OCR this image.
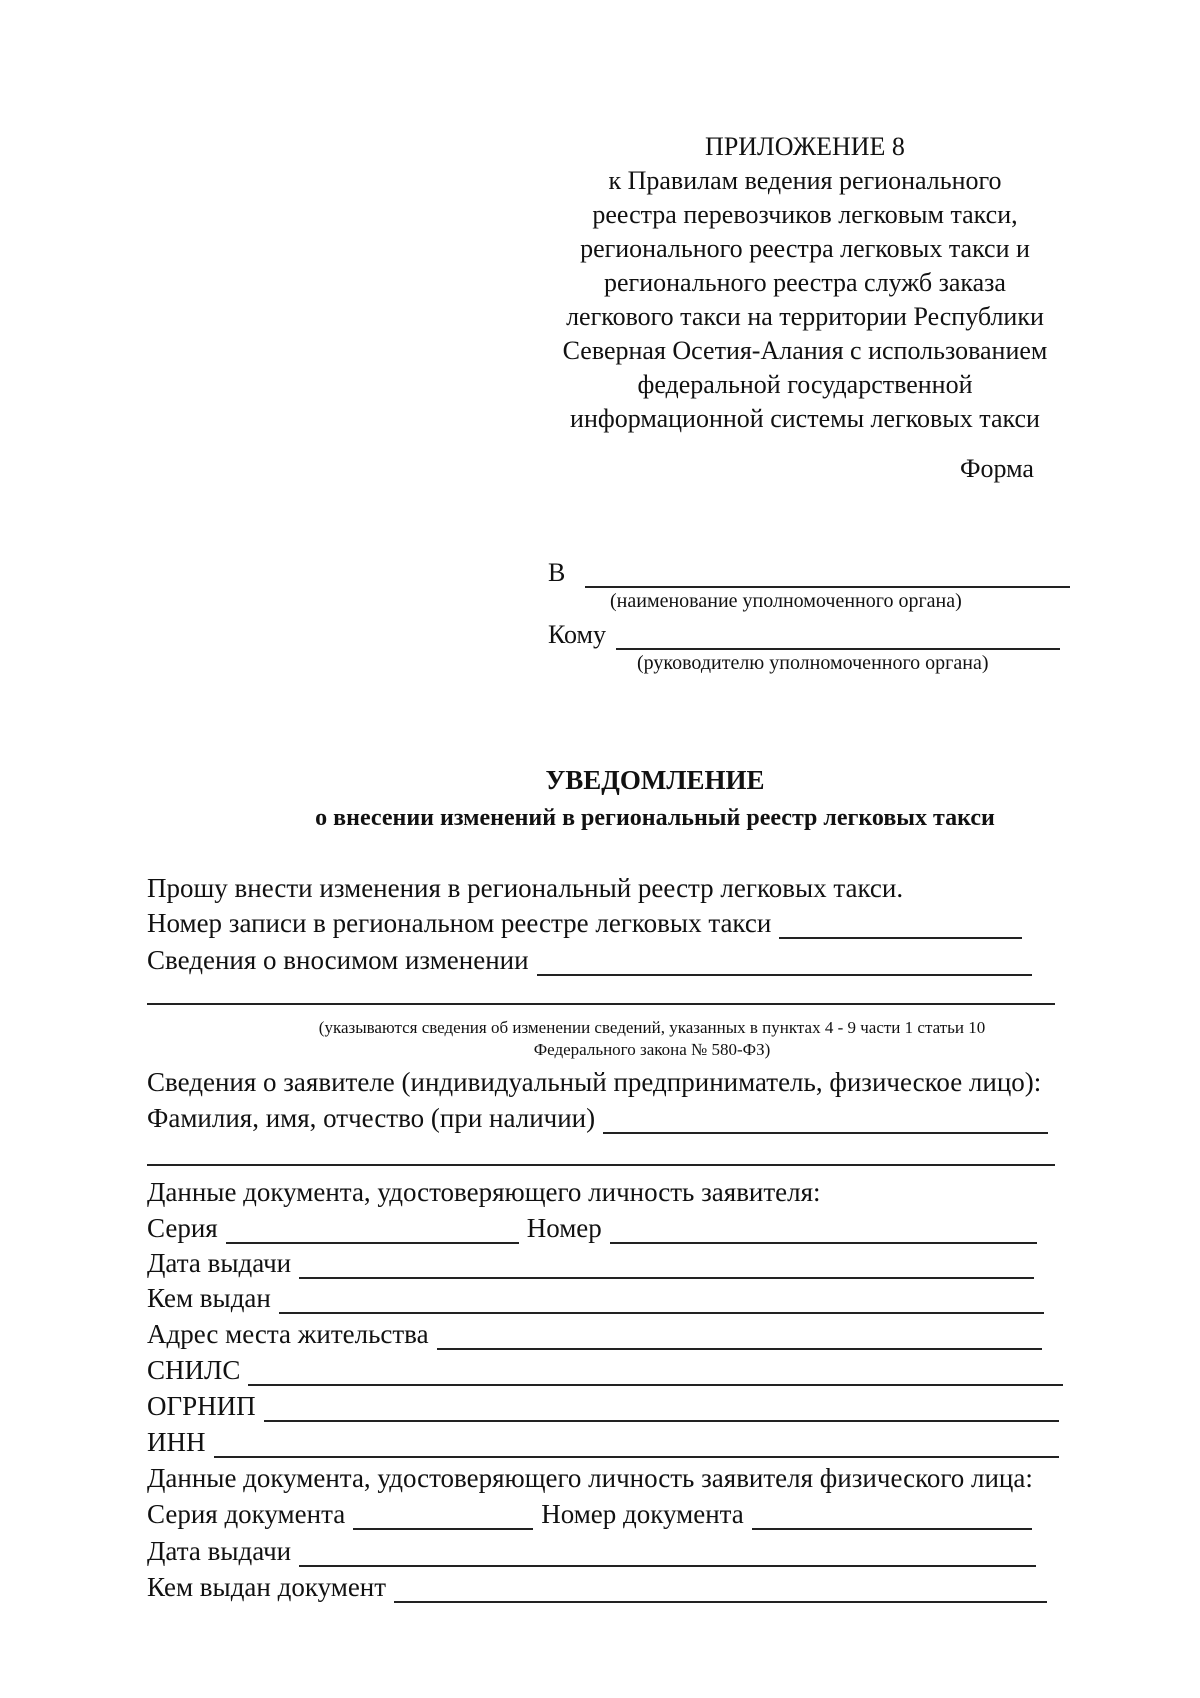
ПРИЛОЖЕНИЕ 8
к Правилам ведения регионального
реестра перевозчиков легковым такси,
регионального реестра легковых такси и
регионального реестра служб заказа
легкового такси на территории Республики
Северная Осетия-Алания с использованием
федеральной государственной
информационной системы легковых такси
Форма
В
(наименование уполномоченного органа)
Кому
(руководителю уполномоченного органа)
УВЕДОМЛЕНИЕ
о внесении изменений в региональный реестр легковых такси
Прошу внести изменения в региональный реестр легковых такси.
Номер записи в региональном реестре легковых такси
Сведения о вносимом изменении
(указываются сведения об изменении сведений, указанных в пунктах 4 - 9 части 1 статьи 10
Федерального закона № 580-ФЗ)
Сведения о заявителе (индивидуальный предприниматель, физическое лицо):
Фамилия, имя, отчество (при наличии)
Данные документа, удостоверяющего личность заявителя:
Серия	Номер
Дата выдачи
Кем выдан
Адрес места жительства
СНИЛС
ОГРНИП
ИНН
Данные документа, удостоверяющего личность заявителя физического лица:
Серия документа	Номер документа
Дата выдачи
Кем выдан документ
